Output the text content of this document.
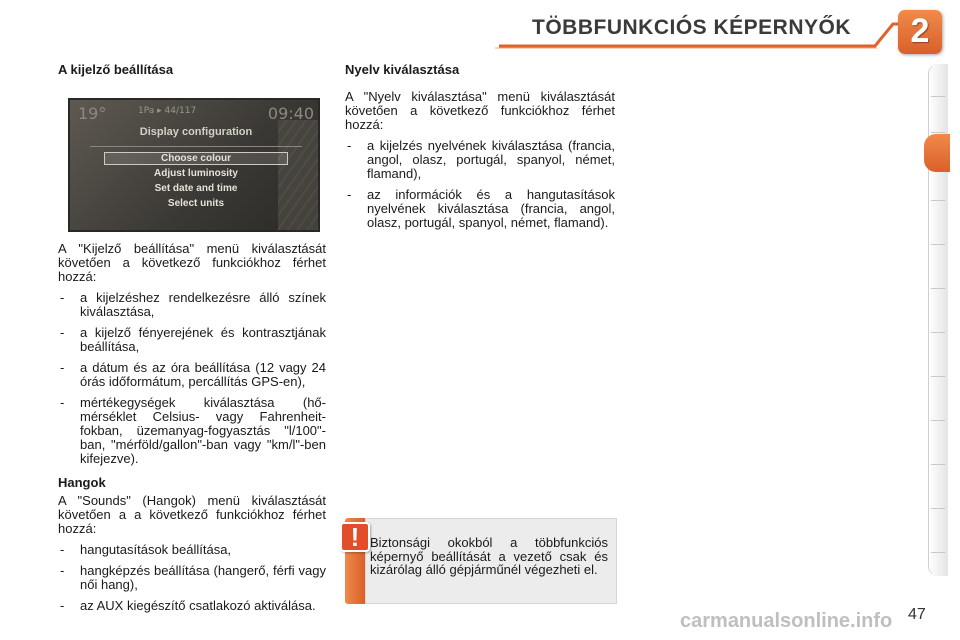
TÖBBFUNKCIÓS KÉPERNYŐK	2
A kijelző beállítása
19°	1Pa ▸ 44/117	09:40
Display configuration
Choose colour
Adjust luminosity
Set date and time
Select units
A "Kijelző beállítása" menü kiválasztását követően a következő funkciókhoz férhet hozzá:
- a kijelzéshez rendelkezésre álló színek kiválasztása,
- a kijelző fényerejének és kontrasztjának beállítása,
- a dátum és az óra beállítása (12 vagy 24 órás időformátum, percállítás GPS-en),
- mértékegységek kiválasztása (hőmérséklet Celsius- vagy Fahrenheit-fokban, üzemanyag-fogyasztás "l/100"-ban, "mérföld/gallon"-ban vagy "km/l"-ben kifejezve).
Hangok
A "Sounds" (Hangok) menü kiválasztását követően a a következő funkciókhoz férhet hozzá:
- hangutasítások beállítása,
- hangképzés beállítása (hangerő, férfi vagy női hang),
- az AUX kiegészítő csatlakozó aktiválása.
Nyelv kiválasztása
A "Nyelv kiválasztása" menü kiválasztását követően a következő funkciókhoz férhet hozzá:
- a kijelzés nyelvének kiválasztása (francia, angol, olasz, portugál, spanyol, német, flamand),
- az információk és a hangutasítások nyelvének kiválasztása (francia, angol, olasz, portugál, spanyol, német, flamand).
! Biztonsági okokból a többfunkciós képernyő beállítását a vezető csak és kizárólag álló gépjárműnél végezheti el.
carmanualsonline.info 47
